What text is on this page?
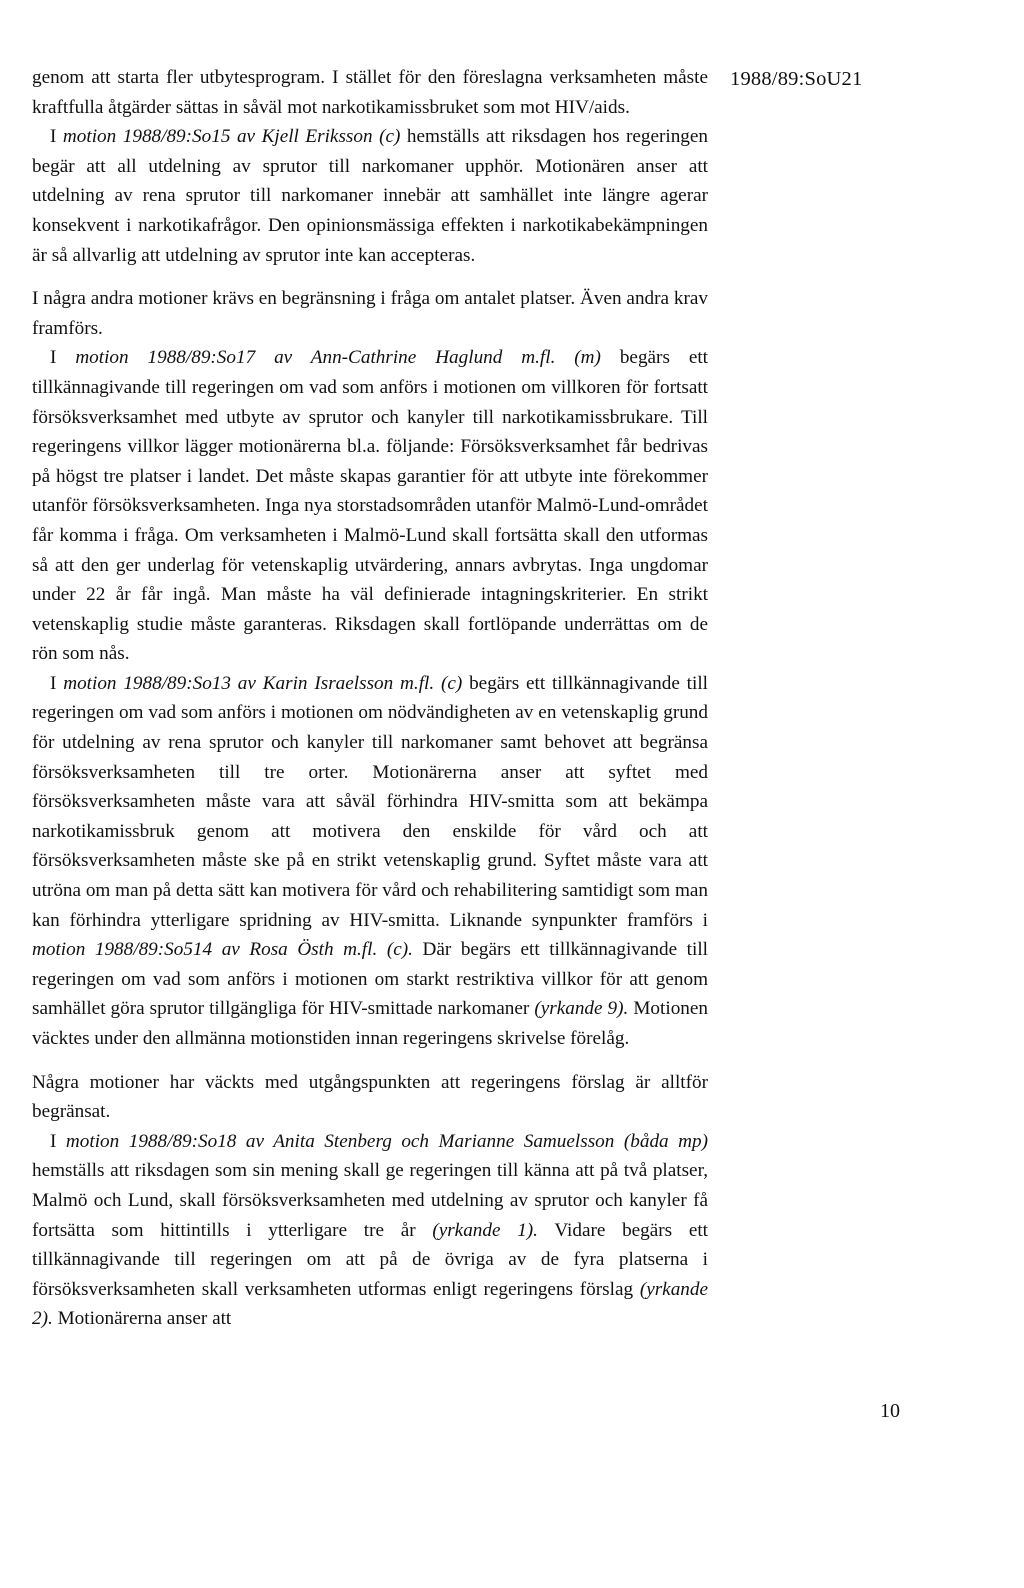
1988/89:SoU21

genom att starta fler utbytesprogram. I stället för den föreslagna verksamheten måste kraftfulla åtgärder sättas in såväl mot narkotikamissbruket som mot HIV/aids.

I motion 1988/89:So15 av Kjell Eriksson (c) hemställs att riksdagen hos regeringen begär att all utdelning av sprutor till narkomaner upphör. Motionären anser att utdelning av rena sprutor till narkomaner innebär att samhället inte längre agerar konsekvent i narkotikafrågor. Den opinionsmässiga effekten i narkotikabekämpningen är så allvarlig att utdelning av sprutor inte kan accepteras.

I några andra motioner krävs en begränsning i fråga om antalet platser. Även andra krav framförs.

I motion 1988/89:So17 av Ann-Cathrine Haglund m.fl. (m) begärs ett tillkännagivande till regeringen om vad som anförs i motionen om villkoren för fortsatt försöksverksamhet med utbyte av sprutor och kanyler till narkotikamissbrukare. Till regeringens villkor lägger motionärerna bl.a. följande: Försöksverksamhet får bedrivas på högst tre platser i landet. Det måste skapas garantier för att utbyte inte förekommer utanför försöksverksamheten. Inga nya storstadsområden utanför Malmö-Lund-området får komma i fråga. Om verksamheten i Malmö-Lund skall fortsätta skall den utformas så att den ger underlag för vetenskaplig utvärdering, annars avbrytas. Inga ungdomar under 22 år får ingå. Man måste ha väl definierade intagningskriterier. En strikt vetenskaplig studie måste garanteras. Riksdagen skall fortlöpande underrättas om de rön som nås.

I motion 1988/89:So13 av Karin Israelsson m.fl. (c) begärs ett tillkännagivande till regeringen om vad som anförs i motionen om nödvändigheten av en vetenskaplig grund för utdelning av rena sprutor och kanyler till narkomaner samt behovet att begränsa försöksverksamheten till tre orter. Motionärerna anser att syftet med försöksverksamheten måste vara att såväl förhindra HIV-smitta som att bekämpa narkotikamissbruk genom att motivera den enskilde för vård och att försöksverksamheten måste ske på en strikt vetenskaplig grund. Syftet måste vara att utröna om man på detta sätt kan motivera för vård och rehabilitering samtidigt som man kan förhindra ytterligare spridning av HIV-smitta. Liknande synpunkter framförs i motion 1988/89:So514 av Rosa Östh m.fl. (c). Där begärs ett tillkännagivande till regeringen om vad som anförs i motionen om starkt restriktiva villkor för att genom samhället göra sprutor tillgängliga för HIV-smittade narkomaner (yrkande 9). Motionen väcktes under den allmänna motionstiden innan regeringens skrivelse förelåg.

Några motioner har väckts med utgångspunkten att regeringens förslag är alltför begränsat.

I motion 1988/89:So18 av Anita Stenberg och Marianne Samuelsson (båda mp) hemställs att riksdagen som sin mening skall ge regeringen till känna att på två platser, Malmö och Lund, skall försöksverksamheten med utdelning av sprutor och kanyler få fortsätta som hittintills i ytterligare tre år (yrkande 1). Vidare begärs ett tillkännagivande till regeringen om att på de övriga av de fyra platserna i försöksverksamheten skall verksamheten utformas enligt regeringens förslag (yrkande 2). Motionärerna anser att

10
